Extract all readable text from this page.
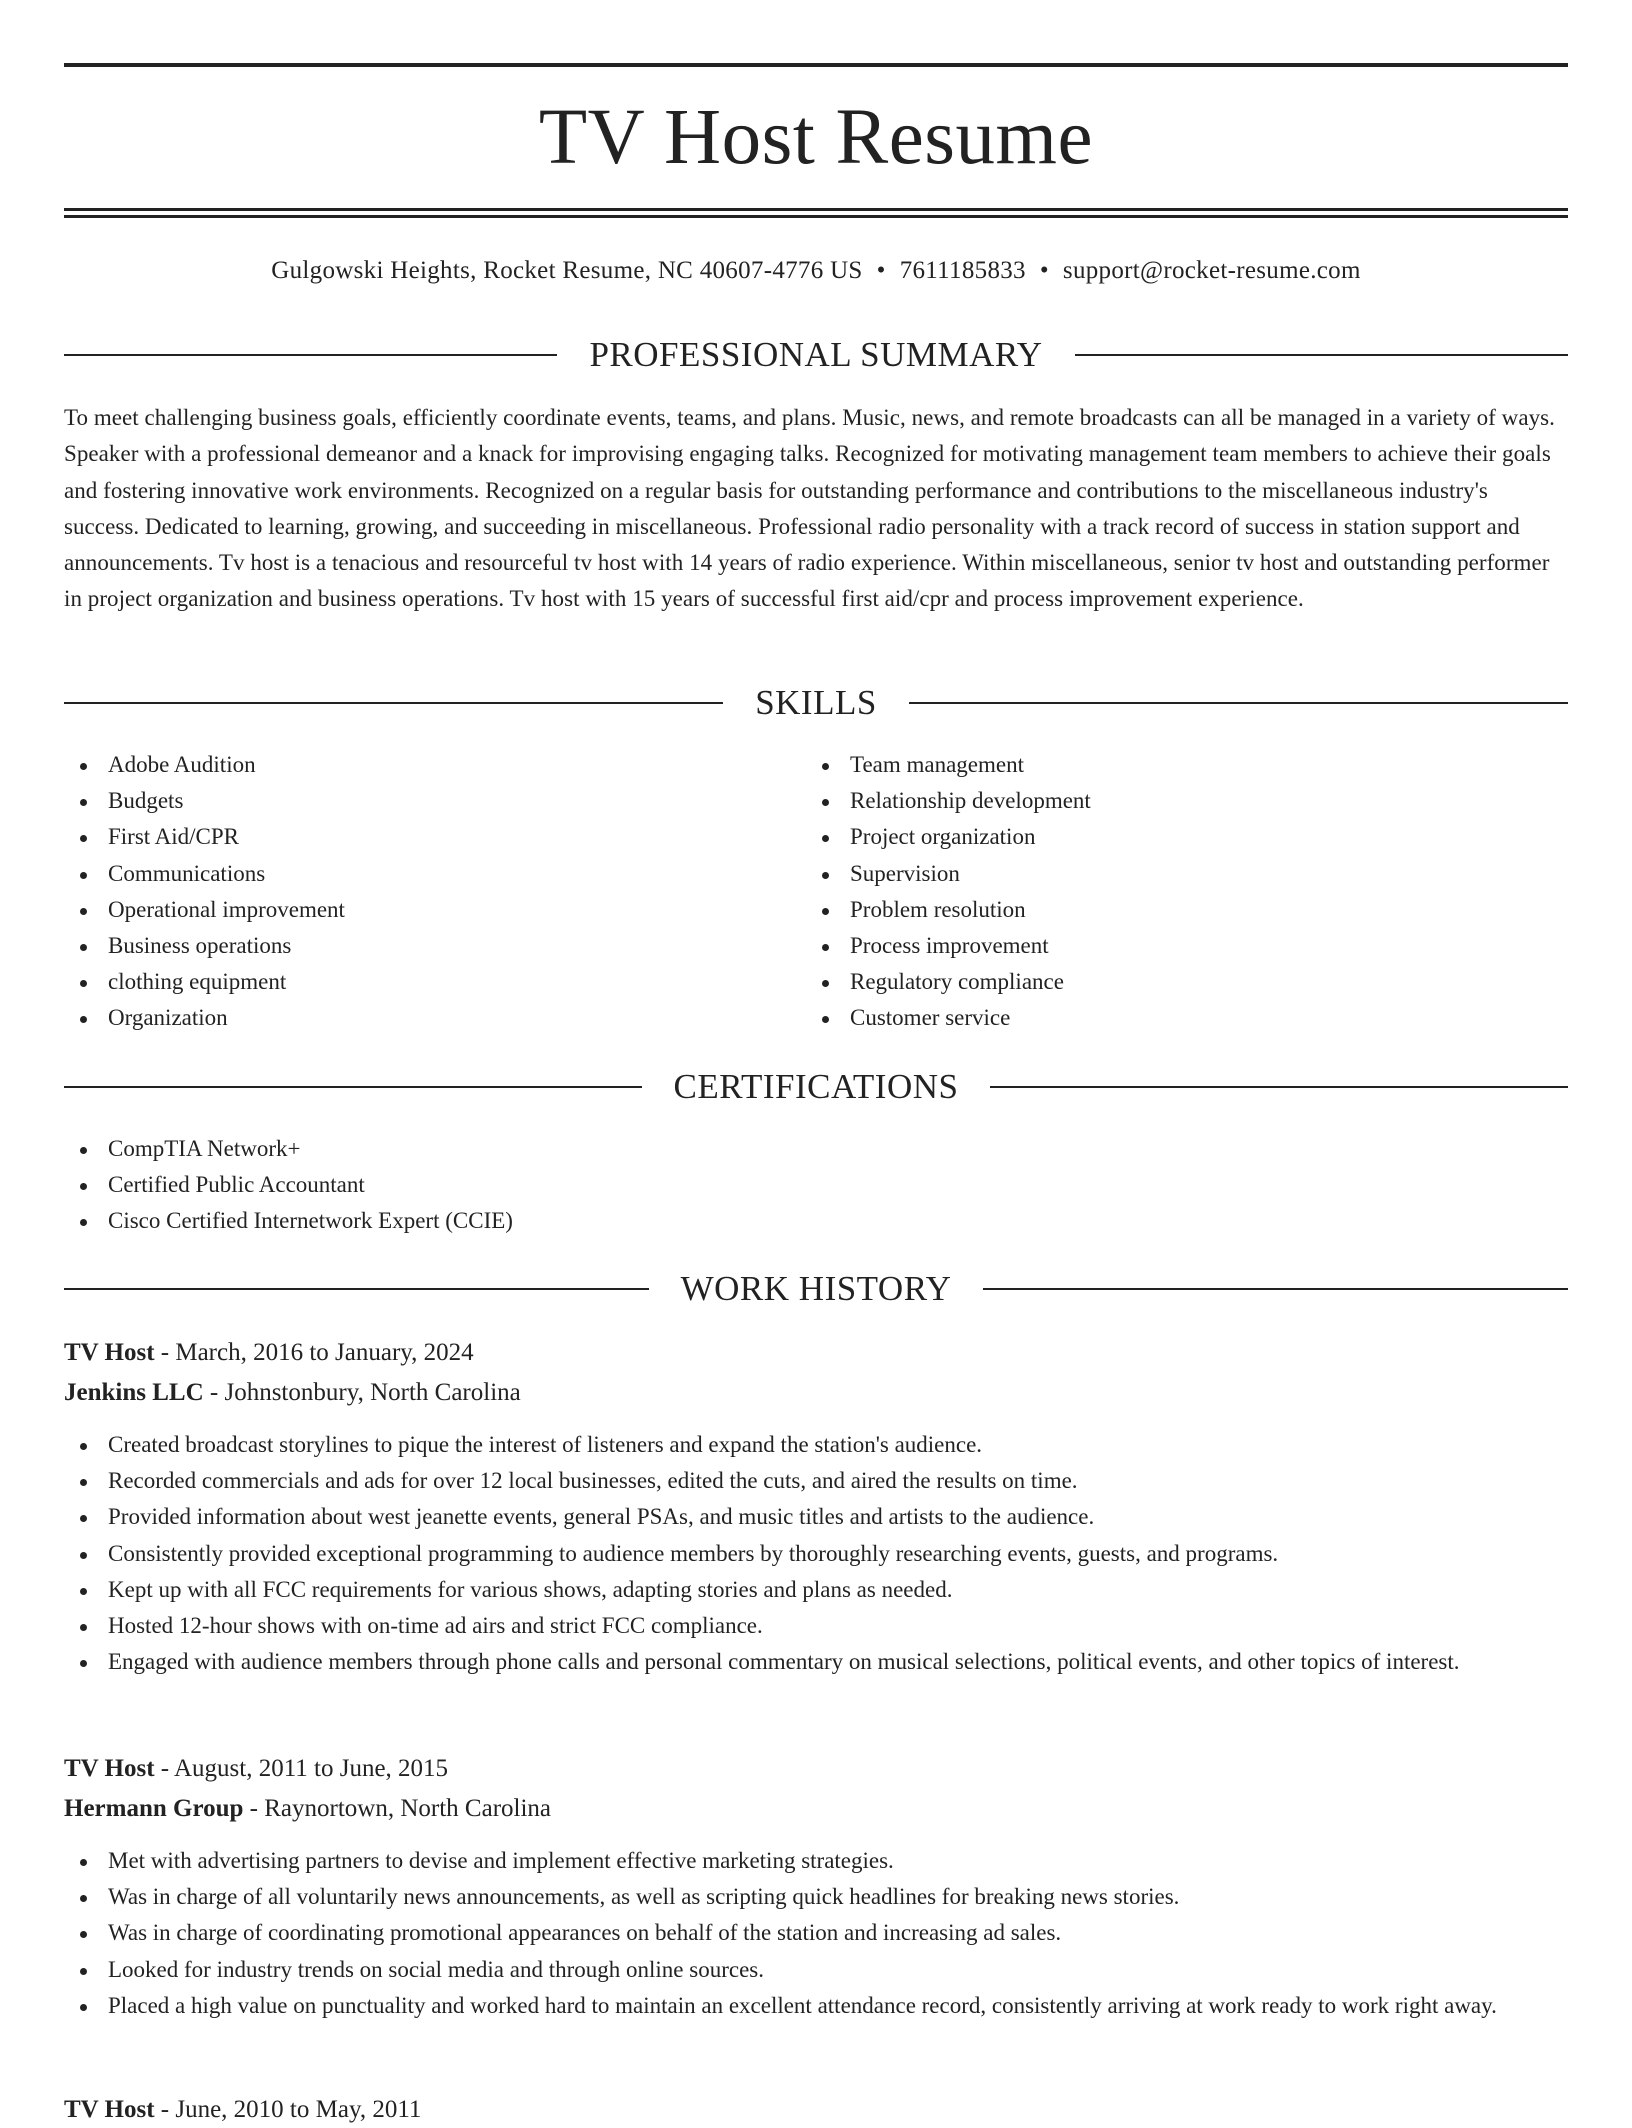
TV Host Resume
Gulgowski Heights, Rocket Resume, NC 40607-4776 US • 7611185833 • support@rocket-resume.com
PROFESSIONAL SUMMARY

To meet challenging business goals, efficiently coordinate events, teams, and plans. Music, news, and remote broadcasts can all be managed in a variety of ways. Speaker with a professional demeanor and a knack for improvising engaging talks. Recognized for motivating management team members to achieve their goals and fostering innovative work environments. Recognized on a regular basis for outstanding performance and contributions to the miscellaneous industry's success. Dedicated to learning, growing, and succeeding in miscellaneous. Professional radio personality with a track record of success in station support and announcements. Tv host is a tenacious and resourceful tv host with 14 years of radio experience. Within miscellaneous, senior tv host and outstanding performer in project organization and business operations. Tv host with 15 years of successful first aid/cpr and process improvement experience.

SKILLS
Adobe Audition
Budgets
First Aid/CPR
Communications
Operational improvement
Business operations
clothing equipment
Organization
Team management
Relationship development
Project organization
Supervision
Problem resolution
Process improvement
Regulatory compliance
Customer service
CERTIFICATIONS
CompTIA Network+
Certified Public Accountant
Cisco Certified Internetwork Expert (CCIE)
WORK HISTORY
TV Host - March, 2016 to January, 2024
Jenkins LLC - Johnstonbury, North Carolina
Created broadcast storylines to pique the interest of listeners and expand the station's audience.
Recorded commercials and ads for over 12 local businesses, edited the cuts, and aired the results on time.
Provided information about west jeanette events, general PSAs, and music titles and artists to the audience.
Consistently provided exceptional programming to audience members by thoroughly researching events, guests, and programs.
Kept up with all FCC requirements for various shows, adapting stories and plans as needed.
Hosted 12-hour shows with on-time ad airs and strict FCC compliance.
Engaged with audience members through phone calls and personal commentary on musical selections, political events, and other topics of interest.
TV Host - August, 2011 to June, 2015
Hermann Group - Raynortown, North Carolina
Met with advertising partners to devise and implement effective marketing strategies.
Was in charge of all voluntarily news announcements, as well as scripting quick headlines for breaking news stories.
Was in charge of coordinating promotional appearances on behalf of the station and increasing ad sales.
Looked for industry trends on social media and through online sources.
Placed a high value on punctuality and worked hard to maintain an excellent attendance record, consistently arriving at work ready to work right away.
TV Host - June, 2010 to May, 2011
